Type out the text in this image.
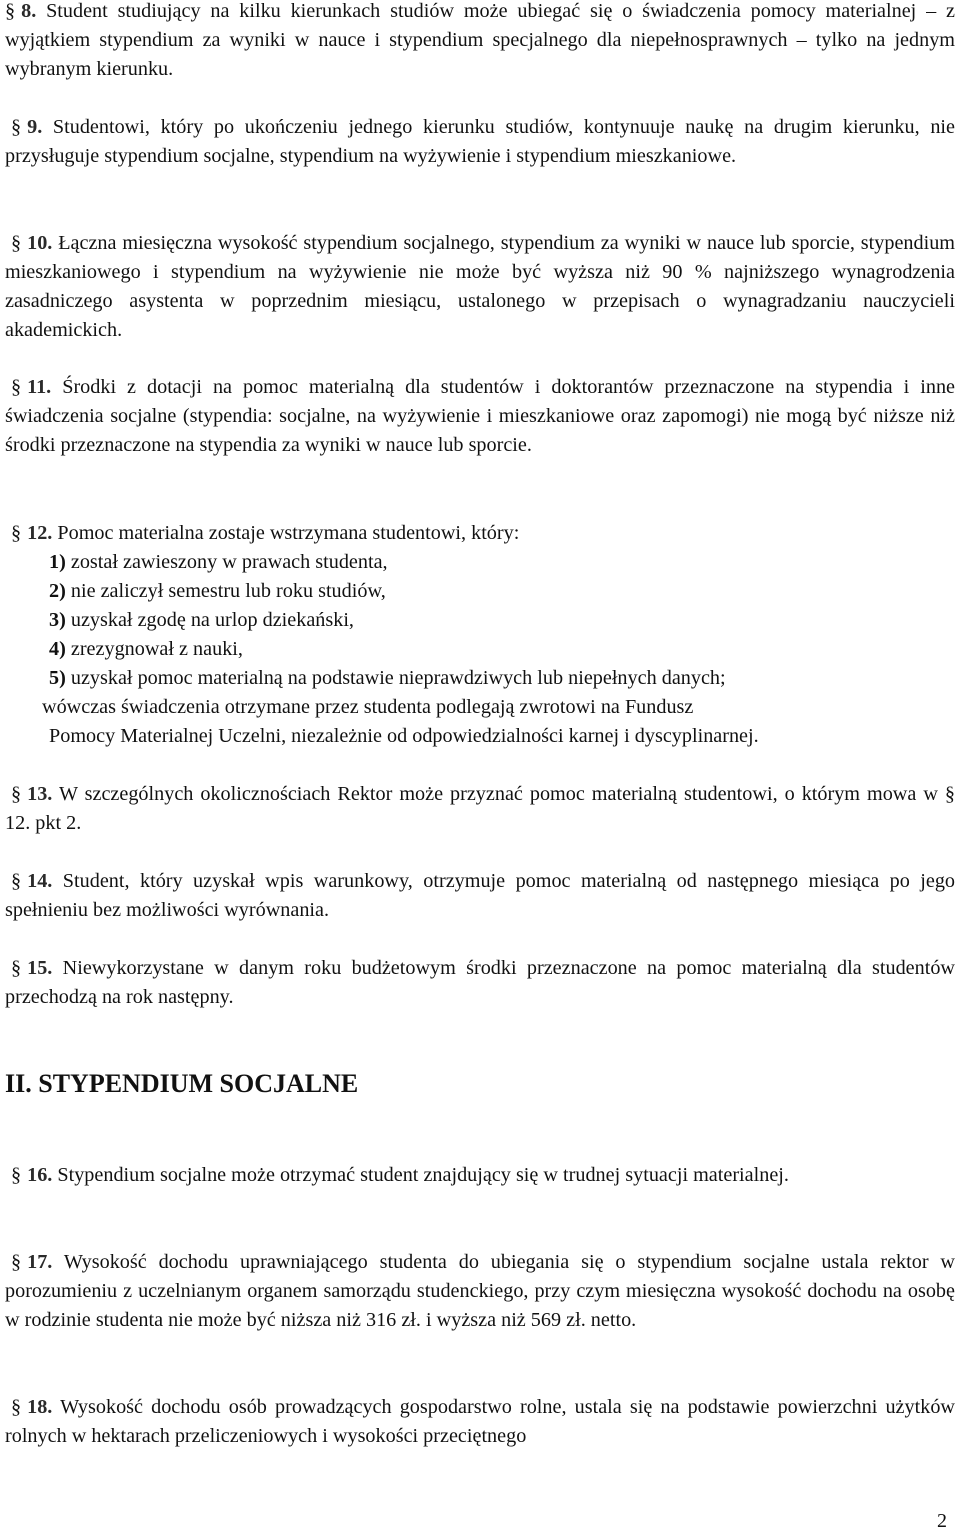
§ 8. Student studiujący na kilku kierunkach studiów może ubiegać się o świadczenia pomocy materialnej – z wyjątkiem stypendium za wyniki w nauce i stypendium specjalnego dla niepełnosprawnych – tylko na jednym wybranym kierunku.

§ 9. Studentowi, który po ukończeniu jednego kierunku studiów, kontynuuje naukę na drugim kierunku, nie przysługuje stypendium socjalne, stypendium na wyżywienie i stypendium mieszkaniowe.

§ 10. Łączna miesięczna wysokość stypendium socjalnego, stypendium za wyniki w nauce lub sporcie, stypendium mieszkaniowego i stypendium na wyżywienie nie może być wyższa niż 90 % najniższego wynagrodzenia zasadniczego asystenta w poprzednim miesiącu, ustalonego w przepisach o wynagradzaniu nauczycieli akademickich.

§ 11. Środki z dotacji na pomoc materialną dla studentów i doktorantów przeznaczone na stypendia i inne świadczenia socjalne (stypendia: socjalne, na wyżywienie i mieszkaniowe oraz zapomogi) nie mogą być niższe niż środki przeznaczone na stypendia za wyniki w nauce lub sporcie.

§ 12. Pomoc materialna zostaje wstrzymana studentowi, który:

1) został zawieszony w prawach studenta,
2) nie zaliczył semestru lub roku studiów,
3) uzyskał zgodę na urlop dziekański,
4) zrezygnował z nauki,
5) uzyskał pomoc materialną na podstawie nieprawdziwych lub niepełnych danych;

wówczas świadczenia otrzymane przez studenta podlegają zwrotowi na Fundusz

Pomocy Materialnej Uczelni, niezależnie od odpowiedzialności karnej i dyscyplinarnej.

§ 13. W szczególnych okolicznościach Rektor może przyznać pomoc materialną studentowi, o którym mowa w § 12. pkt 2.

§ 14. Student, który uzyskał wpis warunkowy, otrzymuje pomoc materialną od następnego miesiąca po jego spełnieniu bez możliwości wyrównania.

§ 15. Niewykorzystane w danym roku budżetowym środki przeznaczone na pomoc materialną dla studentów przechodzą na rok następny.

II. STYPENDIUM SOCJALNE

§ 16. Stypendium socjalne może otrzymać student znajdujący się w trudnej sytuacji materialnej.

§ 17. Wysokość dochodu uprawniającego studenta do ubiegania się o stypendium socjalne ustala rektor w porozumieniu z uczelnianym organem samorządu studenckiego, przy czym miesięczna wysokość dochodu na osobę w rodzinie studenta nie może być niższa niż 316 zł. i wyższa niż 569 zł. netto.

§ 18. Wysokość dochodu osób prowadzących gospodarstwo rolne, ustala się na podstawie powierzchni użytków rolnych w hektarach przeliczeniowych i wysokości przeciętnego

2
